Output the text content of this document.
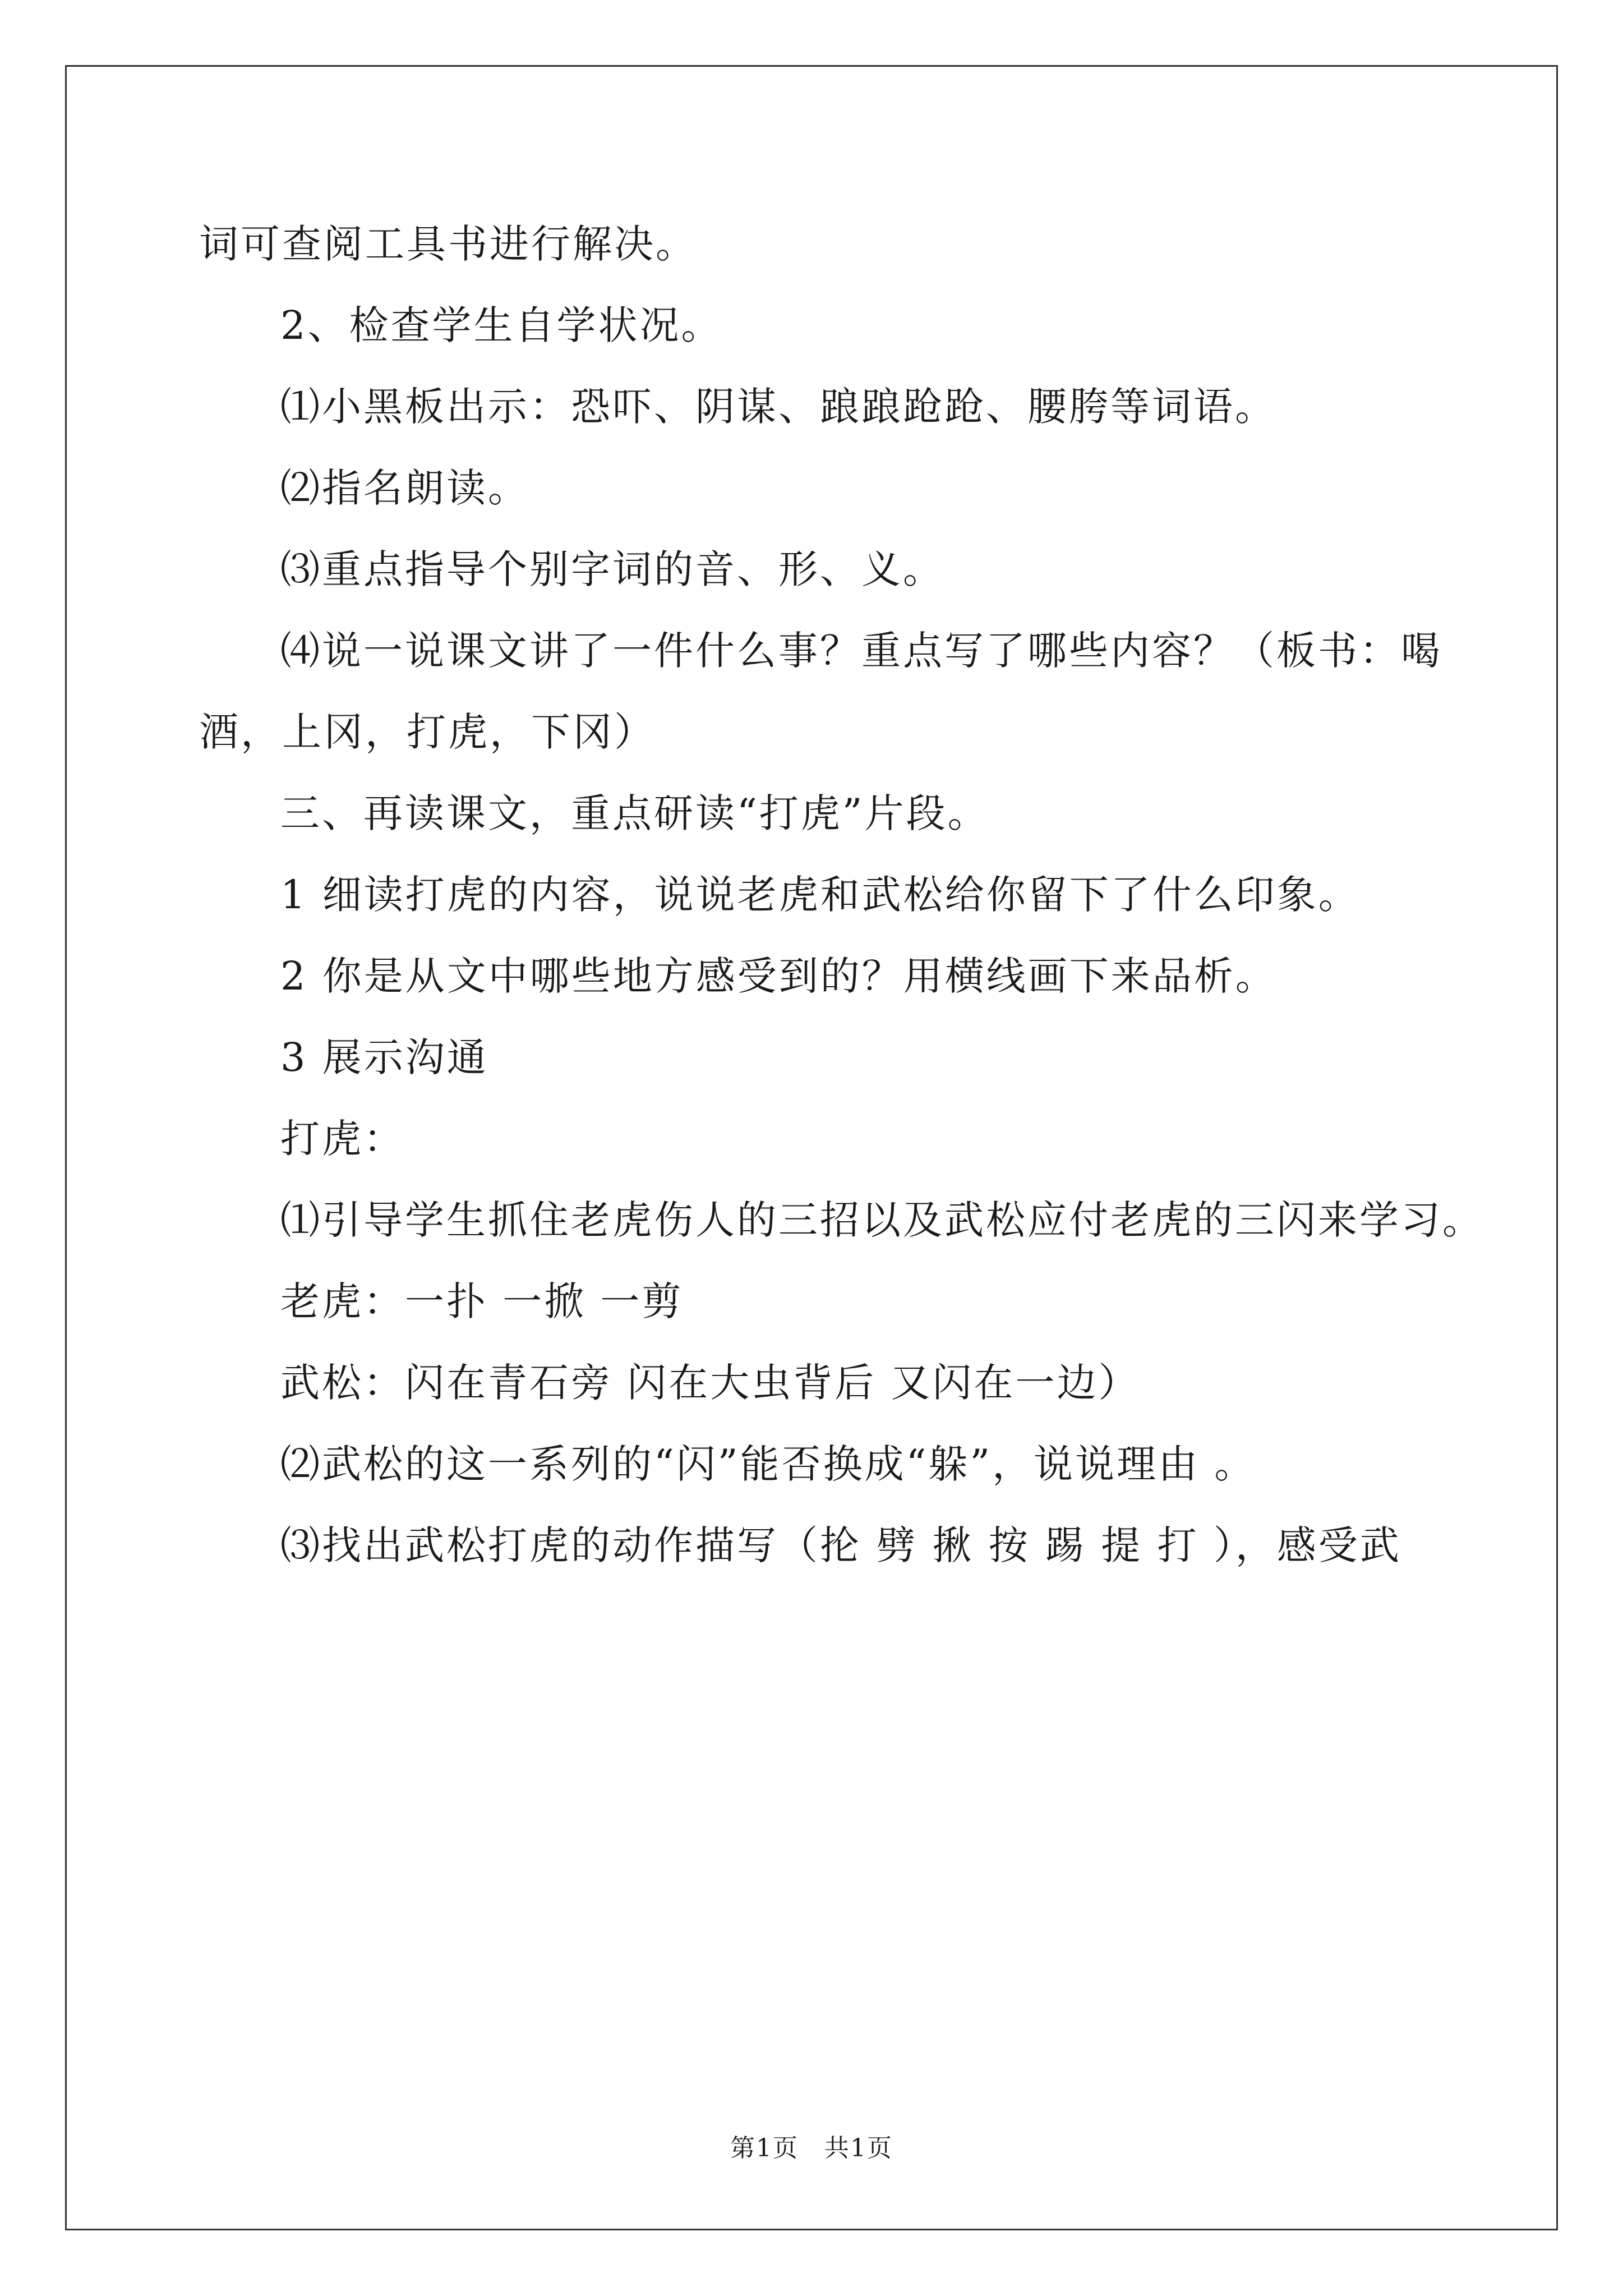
词可查阅工具书进行解决。
2、检查学生自学状况。
⑴小黑板出示：恐吓、阴谋、踉踉跄跄、腰胯等词语。
⑵指名朗读。
⑶重点指导个别字词的音、形、义。
⑷说一说课文讲了一件什么事？重点写了哪些内容？（板书：喝
酒，上冈，打虎，下冈）
三、再读课文，重点研读“打虎”片段。
1 细读打虎的内容，说说老虎和武松给你留下了什么印象。
2 你是从文中哪些地方感受到的？用横线画下来品析。
3 展示沟通
打虎：
⑴引导学生抓住老虎伤人的三招以及武松应付老虎的三闪来学习。
老虎：一扑 一掀 一剪
武松：闪在青石旁 闪在大虫背后 又闪在一边）
⑵武松的这一系列的“闪”能否换成“躲”，说说理由 。
⑶找出武松打虎的动作描写（抡 劈 揪 按 踢 提 打 ），感受武
第1页　共1页
